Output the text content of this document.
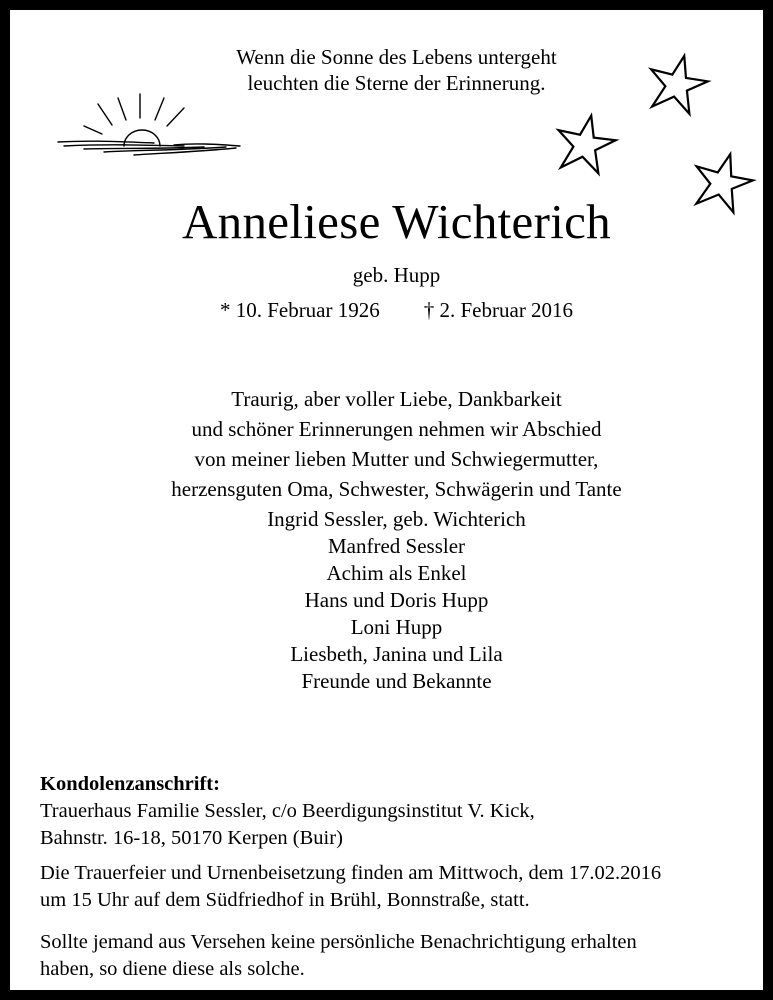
Wenn die Sonne des Lebens untergeht
leuchten die Sterne der Erinnerung.
Anneliese Wichterich
geb. Hupp
* 10. Februar 1926 † 2. Februar 2016
Traurig, aber voller Liebe, Dankbarkeit
und schöner Erinnerungen nehmen wir Abschied
von meiner lieben Mutter und Schwiegermutter,
herzensguten Oma, Schwester, Schwägerin und Tante
Ingrid Sessler, geb. Wichterich
Manfred Sessler
Achim als Enkel
Hans und Doris Hupp
Loni Hupp
Liesbeth, Janina und Lila
Freunde und Bekannte
Kondolenzanschrift:
Trauerhaus Familie Sessler, c/o Beerdigungsinstitut V. Kick,
Bahnstr. 16-18, 50170 Kerpen (Buir)
Die Trauerfeier und Urnenbeisetzung finden am Mittwoch, dem 17.02.2016
um 15 Uhr auf dem Südfriedhof in Brühl, Bonnstraße, statt.
Sollte jemand aus Versehen keine persönliche Benachrichtigung erhalten
haben, so diene diese als solche.
